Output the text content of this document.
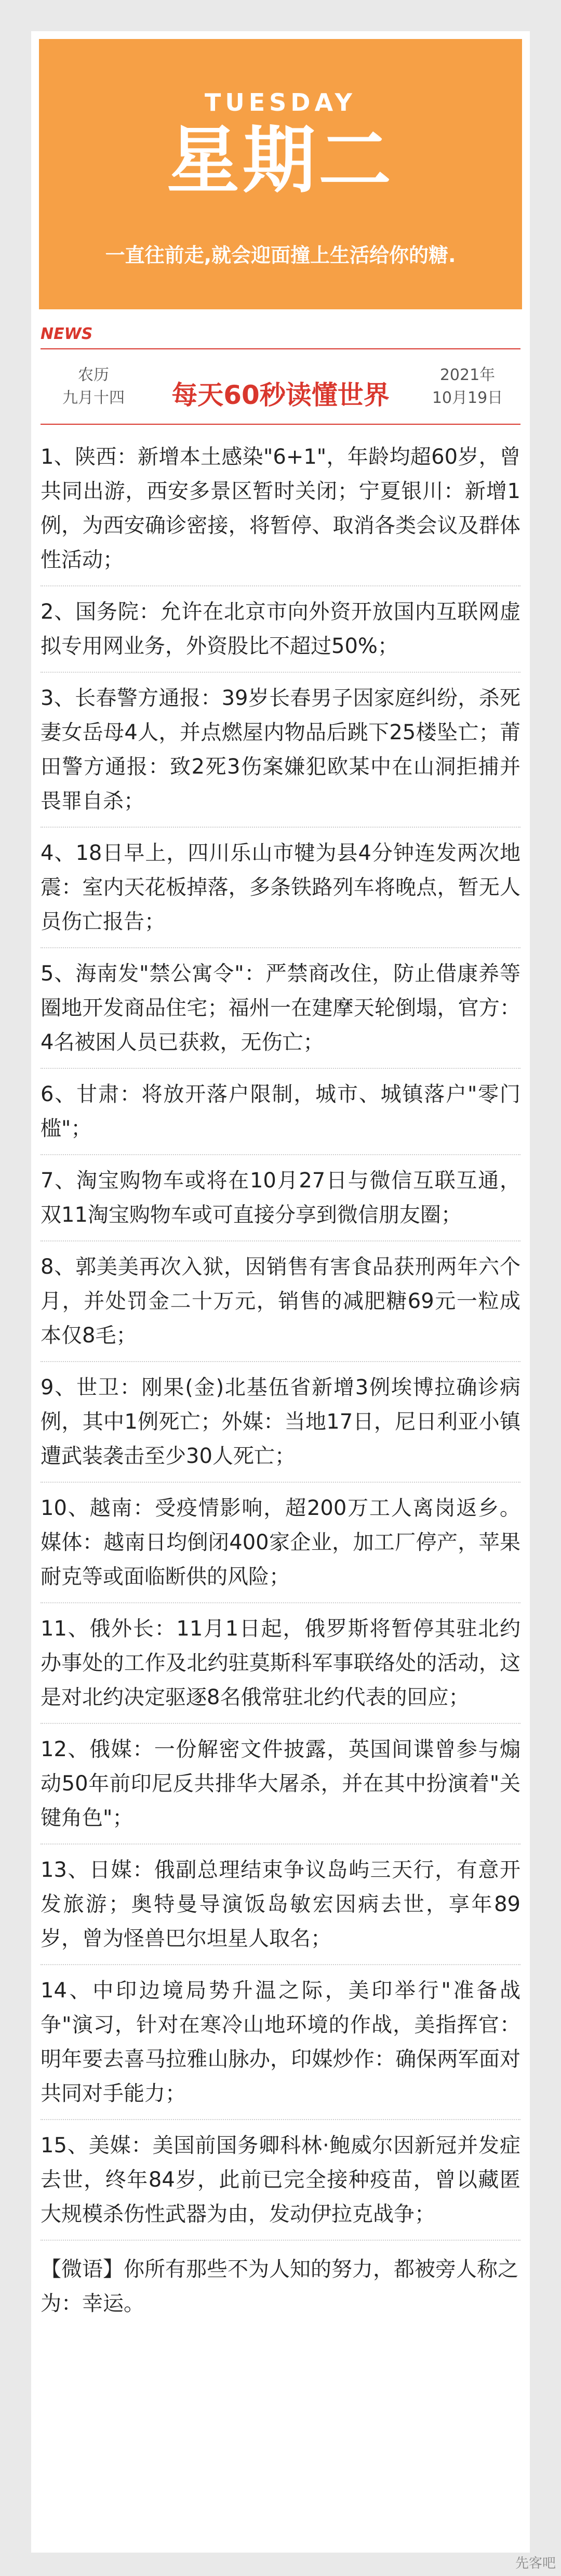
TUESDAY
星期二
一直往前走,就会迎面撞上生活给你的糖.
NEWS
农历
九月十四	每天60秒读懂世界
2021年
10月19日
1、陕西：新增本土感染"6+1"，年龄均超60岁，曾共同出游，西安多景区暂时关闭；宁夏银川：新增1例，为西安确诊密接，将暂停、取消各类会议及群体性活动；
2、国务院：允许在北京市向外资开放国内互联网虚拟专用网业务，外资股比不超过50%；
3、长春警方通报：39岁长春男子因家庭纠纷，杀死妻女岳母4人，并点燃屋内物品后跳下25楼坠亡；莆田警方通报：致2死3伤案嫌犯欧某中在山洞拒捕并畏罪自杀；
4、18日早上，四川乐山市犍为县4分钟连发两次地震：室内天花板掉落，多条铁路列车将晚点，暂无人员伤亡报告；
5、海南发"禁公寓令"：严禁商改住，防止借康养等圈地开发商品住宅；福州一在建摩天轮倒塌，官方：4名被困人员已获救，无伤亡；
6、甘肃：将放开落户限制，城市、城镇落户"零门槛"；
7、淘宝购物车或将在10月27日与微信互联互通，双11淘宝购物车或可直接分享到微信朋友圈；
8、郭美美再次入狱，因销售有害食品获刑两年六个月，并处罚金二十万元，销售的减肥糖69元一粒成本仅8毛；
9、世卫：刚果(金)北基伍省新增3例埃博拉确诊病例，其中1例死亡；外媒：当地17日，尼日利亚小镇遭武装袭击至少30人死亡；
10、越南：受疫情影响，超200万工人离岗返乡。媒体：越南日均倒闭400家企业，加工厂停产，苹果耐克等或面临断供的风险；
11、俄外长：11月1日起，俄罗斯将暂停其驻北约办事处的工作及北约驻莫斯科军事联络处的活动，这是对北约决定驱逐8名俄常驻北约代表的回应；
12、俄媒：一份解密文件披露，英国间谍曾参与煽动50年前印尼反共排华大屠杀，并在其中扮演着"关键角色"；
13、日媒：俄副总理结束争议岛屿三天行，有意开发旅游；奥特曼导演饭岛敏宏因病去世，享年89岁，曾为怪兽巴尔坦星人取名；
14、中印边境局势升温之际，美印举行"准备战争"演习，针对在寒冷山地环境的作战，美指挥官：明年要去喜马拉雅山脉办，印媒炒作：确保两军面对共同对手能力；
15、美媒：美国前国务卿科林·鲍威尔因新冠并发症去世，终年84岁，此前已完全接种疫苗，曾以藏匿大规模杀伤性武器为由，发动伊拉克战争；
【微语】你所有那些不为人知的努力，都被旁人称之为：幸运。
先客吧
